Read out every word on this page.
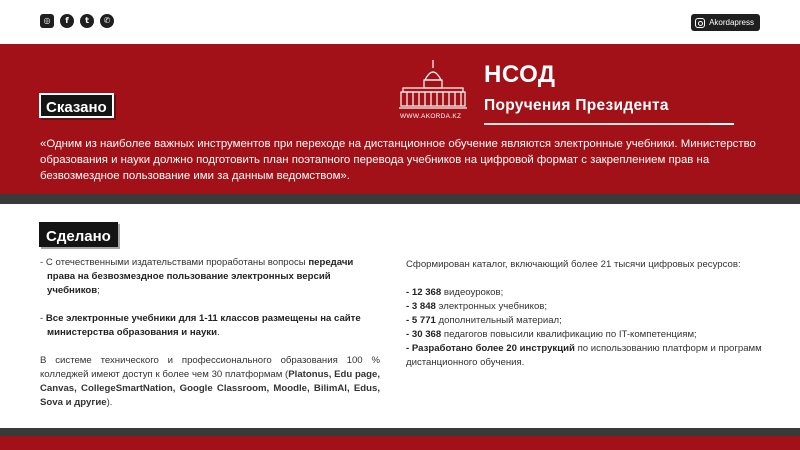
◎	f	t	✆	Akordapress
Сказано
WWW.AKORDA.KZ
НСОД
Поручения Президента
«Одним из наиболее важных инструментов при переходе на дистанционное обучение являются электронные учебники. Министерство образования и науки должно подготовить план поэтапного перевода учебников на цифровой формат с закреплением прав на безвозмездное пользование ими за данным ведомством».
Сделано

- С отечественными издательствами проработаны вопросы передачи права на безвозмездное пользование электронных версий учебников;

- Все электронные учебники для 1-11 классов размещены на сайте министерства образования и науки.

В системе технического и профессионального образования 100 % колледжей имеют доступ к более чем 30 платформам (Platonus, Edu page, Canvas, CollegeSmartNation, Google Classroom, Moodle, BilimAl, Edus, Sova и другие).

Сформирован каталог, включающий более 21 тысячи цифровых ресурсов:
- 12 368 видеоуроков;
- 3 848 электронных учебников;
- 5 771 дополнительный материал;
- 30 368 педагогов повысили квалификацию по IT-компетенциям;
- Разработано более 20 инструкций по использованию платформ и программ дистанционного обучения.
